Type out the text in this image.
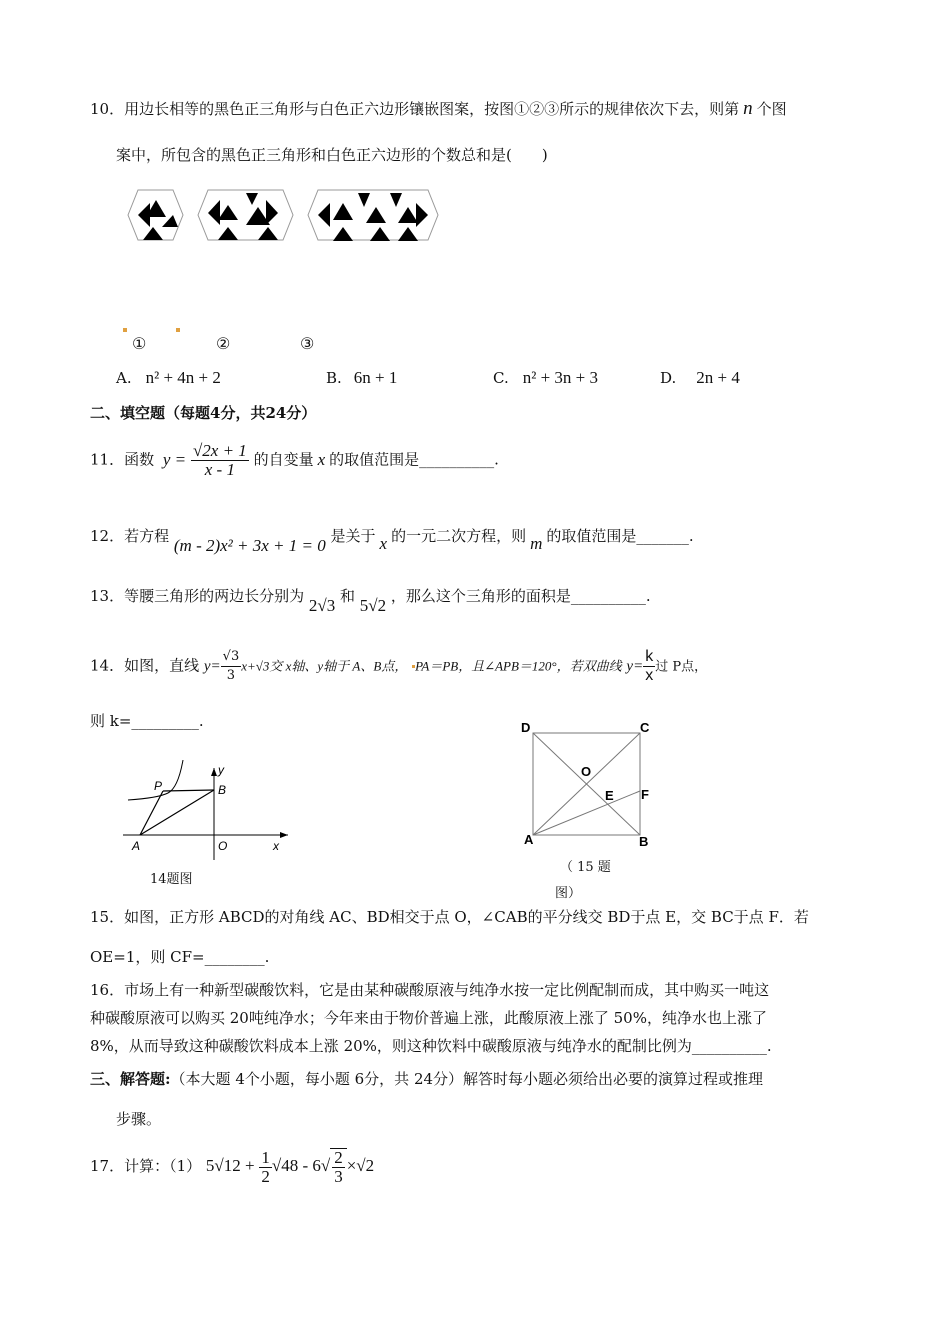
10．用边长相等的黑色正三角形与白色正六边形镶嵌图案，按图①②③所示的规律依次下去，则第 n 个图
案中，所包含的黑色正三角形和白色正六边形的个数总和是(　　)
①	②	③
A. n² + 4n + 2	B. 6n + 1	C. n² + 3n + 3	D. 2n + 4
二、填空题（每题4分，共24分）
11．函数 $y = \frac{√2x + 1}{x - 1}$ 的自变量 x 的取值范围是__________.
12．若方程 (m - 2)x² + 3x + 1 = 0 是关于 x 的一元二次方程，则 m 的取值范围是_______.
13．等腰三角形的两边长分别为 2√3 和 5√2 ，那么这个三角形的面积是__________.
14．如图，直线 $y= \frac{√3}{3} x+√3$交 x轴、y轴于 A、B点， PA＝PB，且∠APB＝120°，若双曲线 $y= \frac{k}{x}$ 过 P点，
则 k=_________.
P	B
y
A	O	x
14题图
D	C
O
E F
A	B
（ 15 题
图）
15．如图，正方形 ABCD的对角线 AC、BD相交于点 O，∠CAB的平分线交 BD于点 E，交 BC于点 F．若
OE=1，则 CF=________.
16．市场上有一种新型碳酸饮料，它是由某种碳酸原液与纯净水按一定比例配制而成，其中购买一吨这
种碳酸原液可以购买 20吨纯净水；今年来由于物价普遍上涨，此酸原液上涨了 50%，纯净水也上涨了
8%，从而导致这种碳酸饮料成本上涨 20%，则这种饮料中碳酸原液与纯净水的配制比例为__________.
三、解答题:（本大题 4个小题，每小题 6分，共 24分）解答时每小题必须给出必要的演算过程或推理
步骤。
17．计算：（1） $5√12 + \frac{1}{2} √48 - 6√ \frac{2}{3} \times√2$
